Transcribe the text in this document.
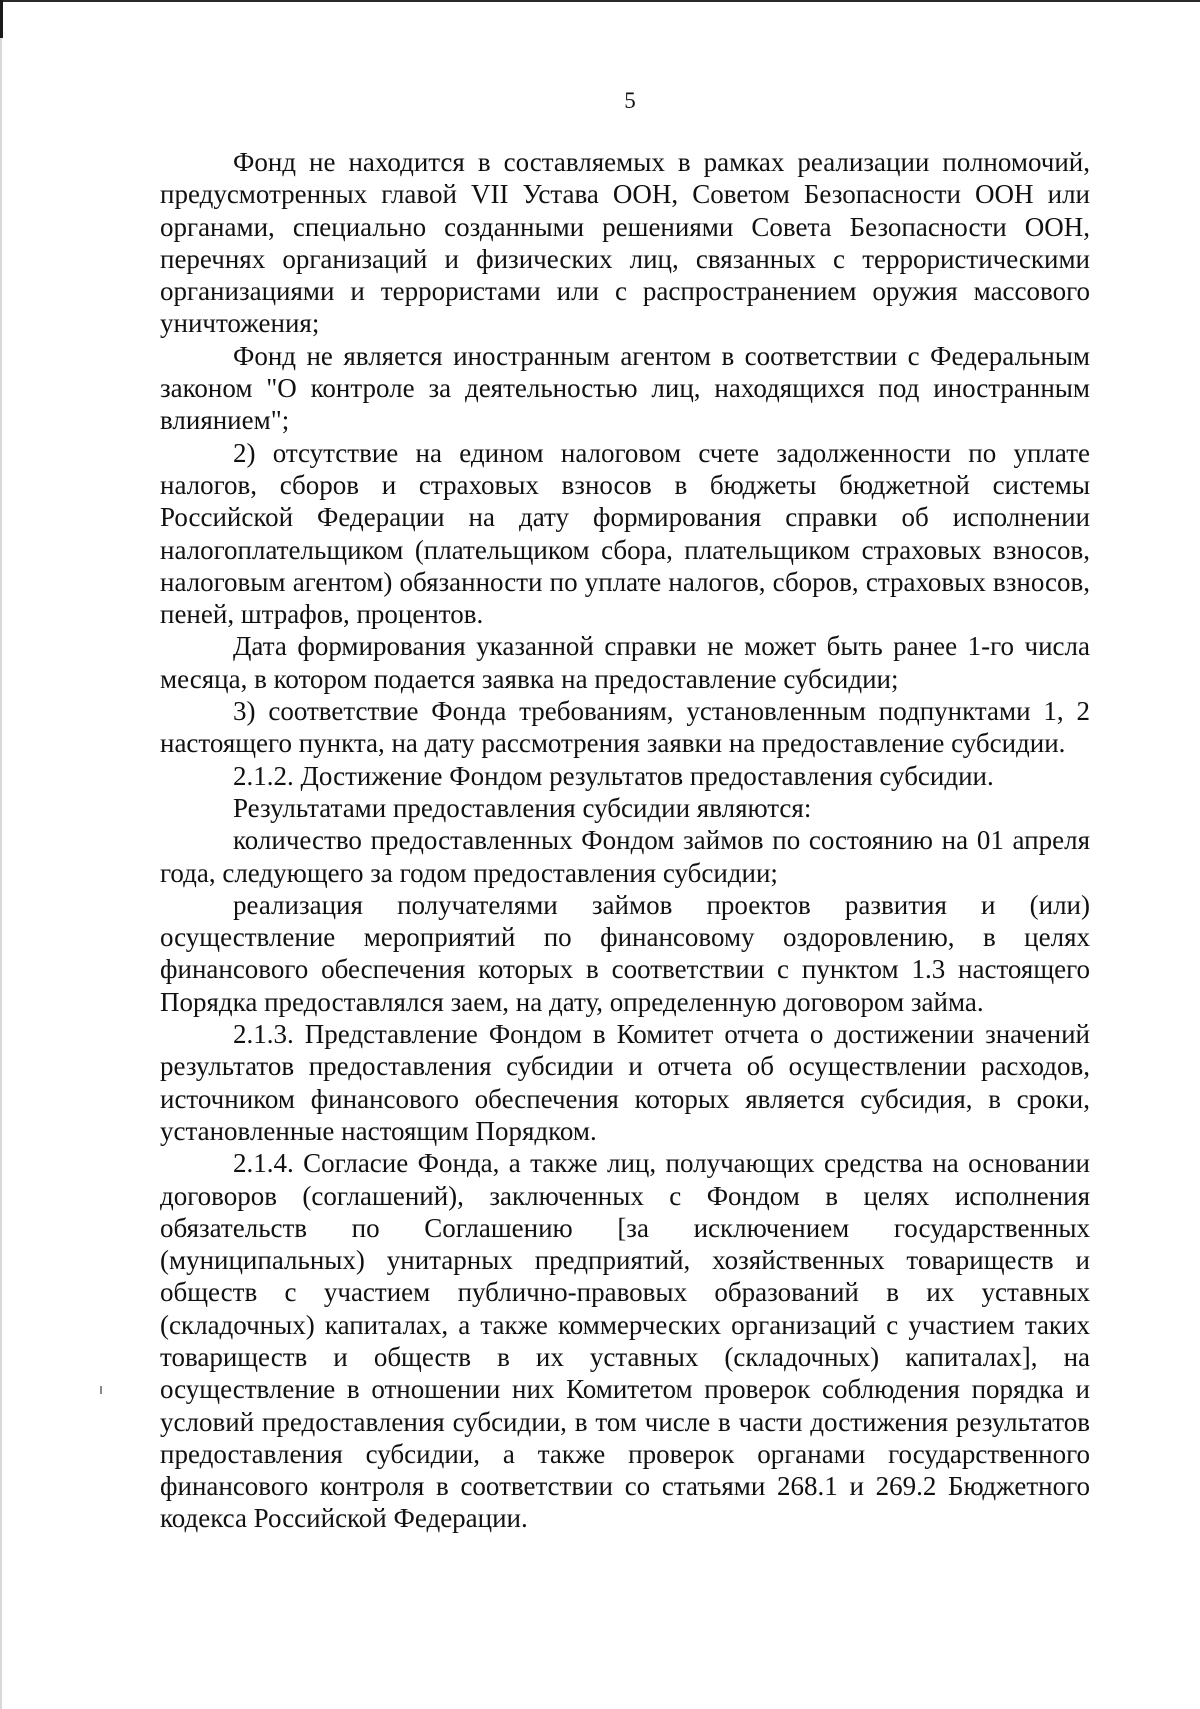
5

Фонд не находится в составляемых в рамках реализации полномочий, предусмотренных главой VII Устава ООН, Советом Безопасности ООН или органами, специально созданными решениями Совета Безопасности ООН, перечнях организаций и физических лиц, связанных с террористическими организациями и террористами или с распространением оружия массового уничтожения;

Фонд не является иностранным агентом в соответствии с Федеральным законом "О контроле за деятельностью лиц, находящихся под иностранным влиянием";

2) отсутствие на едином налоговом счете задолженности по уплате налогов, сборов и страховых взносов в бюджеты бюджетной системы Российской Федерации на дату формирования справки об исполнении налогоплательщиком (плательщиком сбора, плательщиком страховых взносов, налоговым агентом) обязанности по уплате налогов, сборов, страховых взносов, пеней, штрафов, процентов.

Дата формирования указанной справки не может быть ранее 1-го числа месяца, в котором подается заявка на предоставление субсидии;

3) соответствие Фонда требованиям, установленным подпунктами 1, 2 настоящего пункта, на дату рассмотрения заявки на предоставление субсидии.

2.1.2. Достижение Фондом результатов предоставления субсидии.

Результатами предоставления субсидии являются:

количество предоставленных Фондом займов по состоянию на 01 апреля года, следующего за годом предоставления субсидии;

реализация получателями займов проектов развития и (или) осуществление мероприятий по финансовому оздоровлению, в целях финансового обеспечения которых в соответствии с пунктом 1.3 настоящего Порядка предоставлялся заем, на дату, определенную договором займа.

2.1.3. Представление Фондом в Комитет отчета о достижении значений результатов предоставления субсидии и отчета об осуществлении расходов, источником финансового обеспечения которых является субсидия, в сроки, установленные настоящим Порядком.

2.1.4. Согласие Фонда, а также лиц, получающих средства на основании договоров (соглашений), заключенных с Фондом в целях исполнения обязательств по Соглашению [за исключением государственных (муниципальных) унитарных предприятий, хозяйственных товариществ и обществ с участием публично-правовых образований в их уставных (складочных) капиталах, а также коммерческих организаций с участием таких товариществ и обществ в их уставных (складочных) капиталах], на осуществление в отношении них Комитетом проверок соблюдения порядка и условий предоставления субсидии, в том числе в части достижения результатов предоставления субсидии, а также проверок органами государственного финансового контроля в соответствии со статьями 268.1 и 269.2 Бюджетного кодекса Российской Федерации.
